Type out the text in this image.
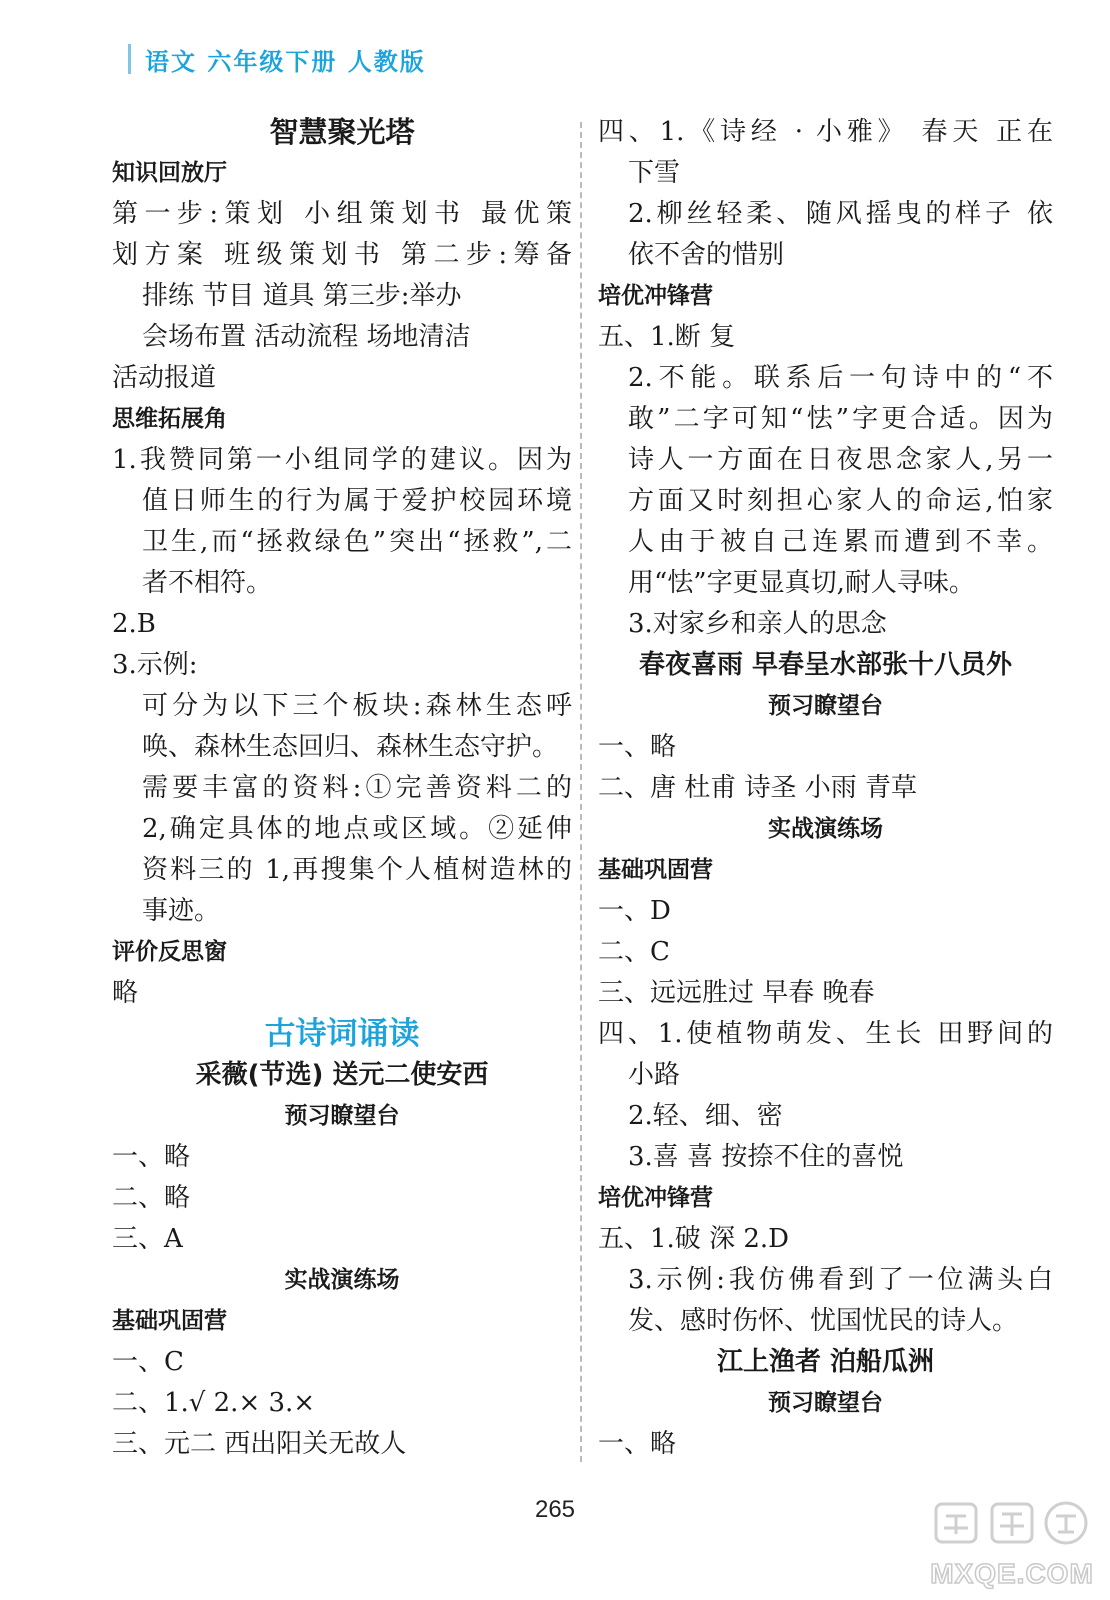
语文 六年级下册 人教版
智慧聚光塔
知识回放厅
第一步:策划 小组策划书 最优策
划方案 班级策划书 第二步:筹备
排练 节目 道具 第三步:举办
会场布置 活动流程 场地清洁
活动报道
思维拓展角
1.我赞同第一小组同学的建议。因为
值日师生的行为属于爱护校园环境
卫生,而“拯救绿色”突出“拯救”,二
者不相符。
2.B
3.示例:
可分为以下三个板块:森林生态呼
唤、森林生态回归、森林生态守护。
需要丰富的资料:①完善资料二的
2,确定具体的地点或区域。②延伸
资料三的 1,再搜集个人植树造林的
事迹。
评价反思窗
略
古诗词诵读
采薇(节选) 送元二使安西
预习瞭望台
一、略
二、略
三、A
实战演练场
基础巩固营
一、C
二、1.√ 2.× 3.×
三、元二 西出阳关无故人
四、1.《诗经 · 小雅》 春天 正在
下雪
2.柳丝轻柔、随风摇曳的样子 依
依不舍的惜别
培优冲锋营
五、1.断 复
2.不能。联系后一句诗中的“不
敢”二字可知“怯”字更合适。因为
诗人一方面在日夜思念家人,另一
方面又时刻担心家人的命运,怕家
人由于被自己连累而遭到不幸。
用“怯”字更显真切,耐人寻味。
3.对家乡和亲人的思念
春夜喜雨 早春呈水部张十八员外
预习瞭望台
一、略
二、唐 杜甫 诗圣 小雨 青草
实战演练场
基础巩固营
一、D
二、C
三、远远胜过 早春 晚春
四、1.使植物萌发、生长 田野间的
小路
2.轻、细、密
3.喜 喜 按捺不住的喜悦
培优冲锋营
五、1.破 深 2.D
3.示例:我仿佛看到了一位满头白
发、感时伤怀、忧国忧民的诗人。
江上渔者 泊船瓜洲
预习瞭望台
一、略
265
MXQE.COM
